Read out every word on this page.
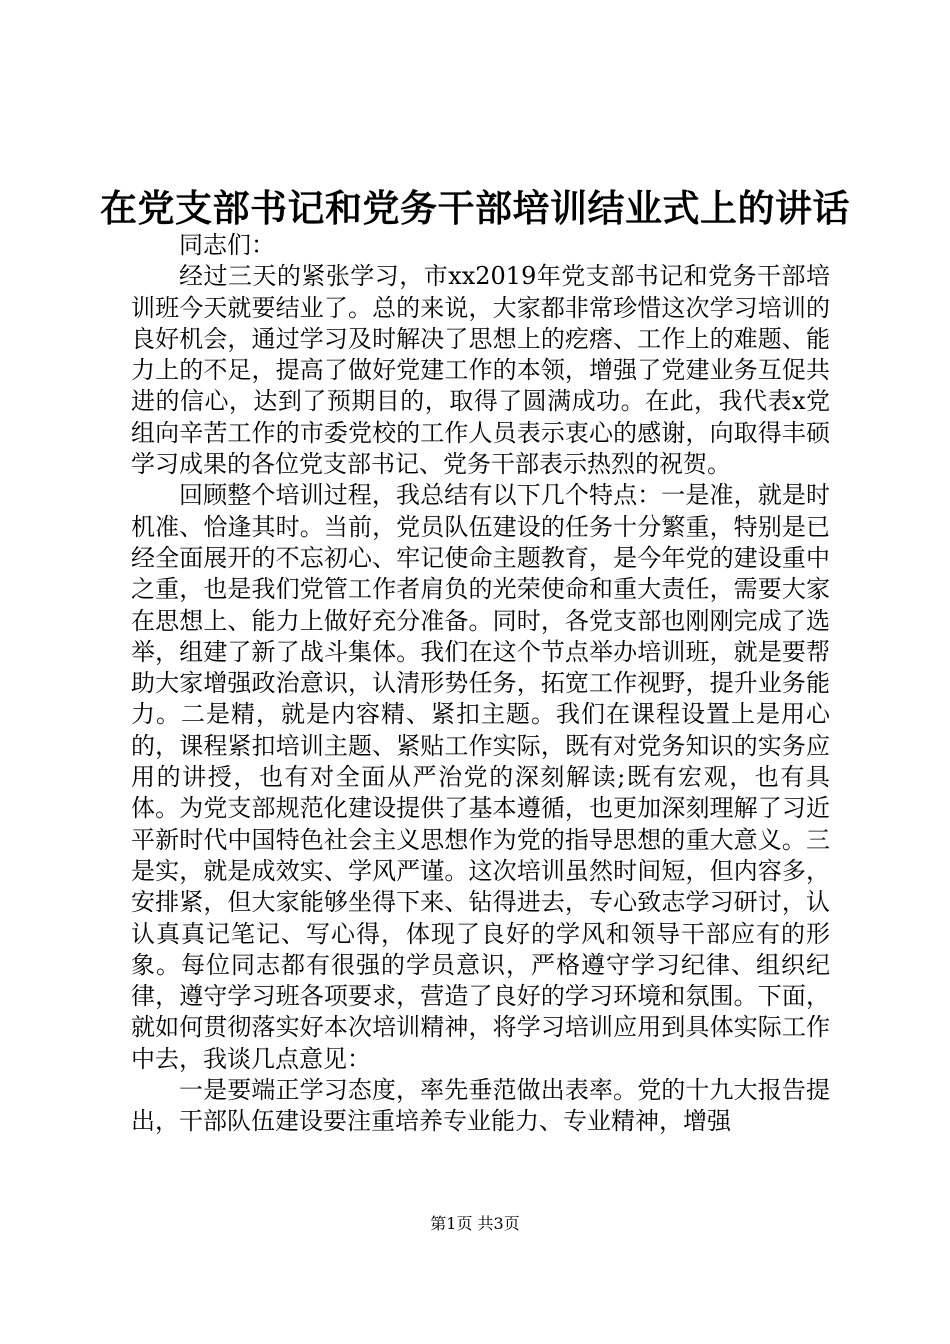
在党支部书记和党务干部培训结业式上的讲话

同志们：

经过三天的紧张学习，市xx2019年党支部书记和党务干部培训班今天就要结业了。总的来说，大家都非常珍惜这次学习培训的良好机会，通过学习及时解决了思想上的疙瘩、工作上的难题、能力上的不足，提高了做好党建工作的本领，增强了党建业务互促共进的信心，达到了预期目的，取得了圆满成功。在此，我代表x党组向辛苦工作的市委党校的工作人员表示衷心的感谢，向取得丰硕学习成果的各位党支部书记、党务干部表示热烈的祝贺。

回顾整个培训过程，我总结有以下几个特点：一是准，就是时机准、恰逢其时。当前，党员队伍建设的任务十分繁重，特别是已经全面展开的不忘初心、牢记使命主题教育，是今年党的建设重中之重，也是我们党管工作者肩负的光荣使命和重大责任，需要大家在思想上、能力上做好充分准备。同时，各党支部也刚刚完成了选举，组建了新了战斗集体。我们在这个节点举办培训班，就是要帮助大家增强政治意识，认清形势任务，拓宽工作视野，提升业务能力。二是精，就是内容精、紧扣主题。我们在课程设置上是用心的，课程紧扣培训主题、紧贴工作实际，既有对党务知识的实务应用的讲授，也有对全面从严治党的深刻解读;既有宏观，也有具体。为党支部规范化建设提供了基本遵循，也更加深刻理解了习近平新时代中国特色社会主义思想作为党的指导思想的重大意义。三是实，就是成效实、学风严谨。这次培训虽然时间短，但内容多，安排紧，但大家能够坐得下来、钻得进去，专心致志学习研讨，认认真真记笔记、写心得，体现了良好的学风和领导干部应有的形象。每位同志都有很强的学员意识，严格遵守学习纪律、组织纪律，遵守学习班各项要求，营造了良好的学习环境和氛围。下面，就如何贯彻落实好本次培训精神，将学习培训应用到具体实际工作中去，我谈几点意见：

一是要端正学习态度，率先垂范做出表率。党的十九大报告提出，干部队伍建设要注重培养专业能力、专业精神，增强

第1页 共3页
